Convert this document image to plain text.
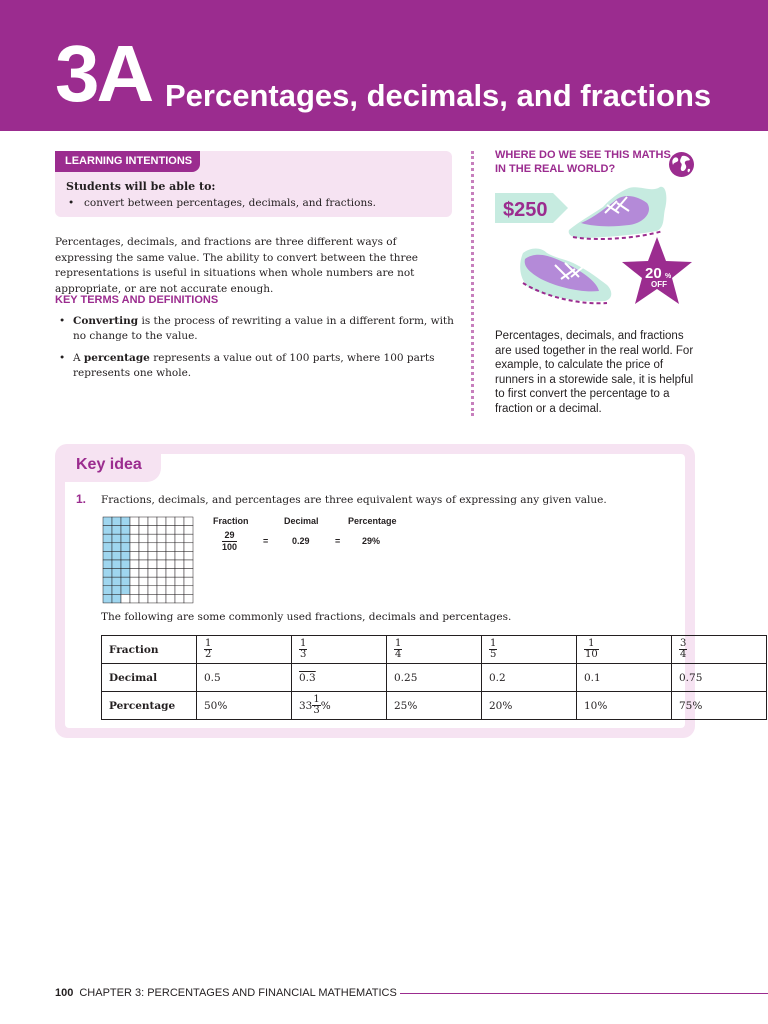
3A Percentages, decimals, and fractions
LEARNING INTENTIONS
Students will be able to:
• convert between percentages, decimals, and fractions.
Percentages, decimals, and fractions are three different ways of expressing the same value. The ability to convert between the three representations is useful in situations when whole numbers are not appropriate, or are not accurate enough.
KEY TERMS AND DEFINITIONS
• Converting is the process of rewriting a value in a different form, with no change to the value.
• A percentage represents a value out of 100 parts, where 100 parts represents one whole.
WHERE DO WE SEE THIS MATHS IN THE REAL WORLD?
$250
20 %
OFF
Percentages, decimals, and fractions are used together in the real world. For example, to calculate the price of runners in a storewide sale, it is helpful to first convert the percentage to a fraction or a decimal.
Key idea
1. Fractions, decimals, and percentages are three equivalent ways of expressing any given value.
Fraction	Decimal	Percentage
$\frac{29}{100}$	=	0.29	= 29%
The following are some commonly used fractions, decimals and percentages.
Fraction	$\frac{1}{2}$	$\frac{1}{3}$	$\frac{1}{4}$	$\frac{1}{5}$	$\frac{1}{10}$	$\frac{3}{4}$

Decimal	0.5	0.3	0.25	0.2	0.1	0.75
Percentage	50%	$33 \frac{1}{3}$ %	25%	20%	10%	75%
100 CHAPTER 3: PERCENTAGES AND FINANCIAL MATHEMATICS
